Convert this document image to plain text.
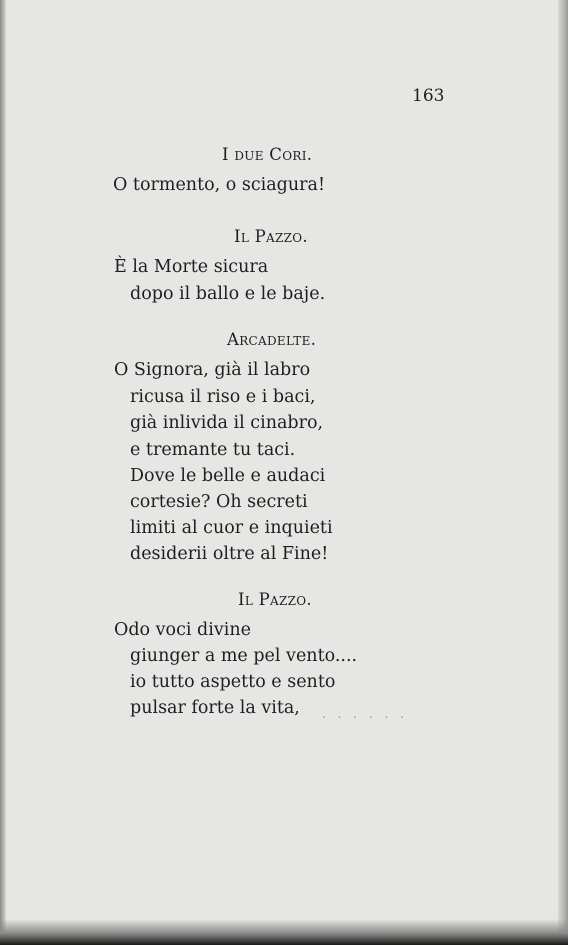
163
I due Cori.
O tormento, o sciagura!
Il Pazzo.
È la Morte sicura
dopo il ballo e le baje.
Arcadelte.
O Signora, già il labro
ricusa il riso e i baci,
già inlivida il cinabro,
e tremante tu taci.
Dove le belle e audaci
cortesie? Oh secreti
limiti al cuor e inquieti
desiderii oltre al Fine!
Il Pazzo.
Odo voci divine
giunger a me pel vento....
io tutto aspetto e sento
pulsar forte la vita, . . . . . .
